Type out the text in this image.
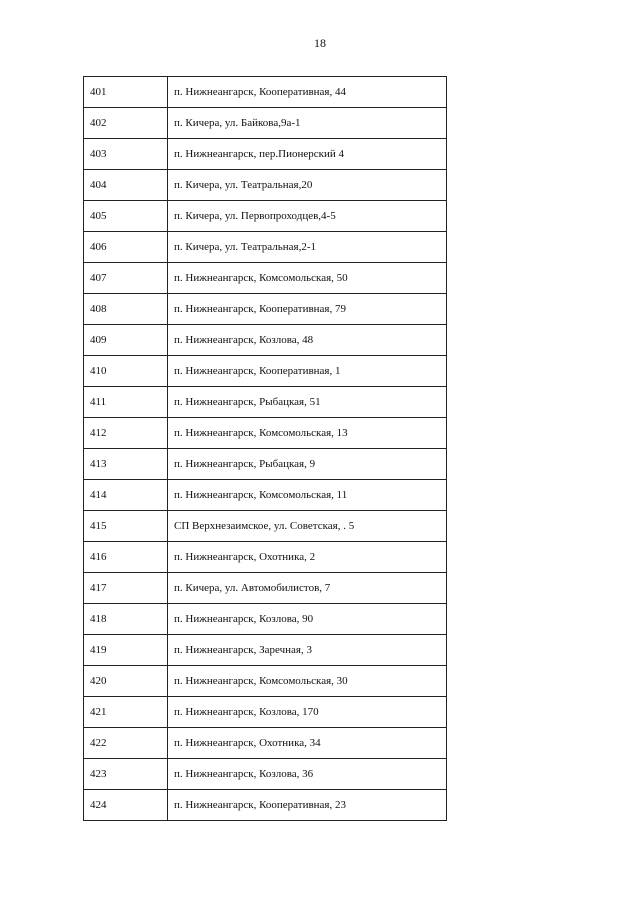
18
401	п. Нижнеангарск, Кооперативная, 44
402	п. Кичера, ул. Байкова,9а-1
403	п. Нижнеангарск, пер.Пионерский 4
404	п. Кичера, ул. Театральная,20
405	п. Кичера, ул. Первопроходцев,4-5
406	п. Кичера, ул. Театральная,2-1
407	п. Нижнеангарск, Комсомольская, 50
408	п. Нижнеангарск, Кооперативная, 79
409	п. Нижнеангарск, Козлова, 48
410	п. Нижнеангарск, Кооперативная, 1
411	п. Нижнеангарск, Рыбацкая, 51
412	п. Нижнеангарск, Комсомольская, 13
413	п. Нижнеангарск, Рыбацкая, 9
414	п. Нижнеангарск, Комсомольская, 11
415	СП Верхнезаимское, ул. Советская, . 5
416	п. Нижнеангарск, Охотника, 2
417	п. Кичера, ул. Автомобилистов, 7
418	п. Нижнеангарск, Козлова, 90
419	п. Нижнеангарск, Заречная, 3
420	п. Нижнеангарск, Комсомольская, 30
421	п. Нижнеангарск, Козлова, 170
422	п. Нижнеангарск, Охотника, 34
423	п. Нижнеангарск, Козлова, 36
424	п. Нижнеангарск, Кооперативная, 23
